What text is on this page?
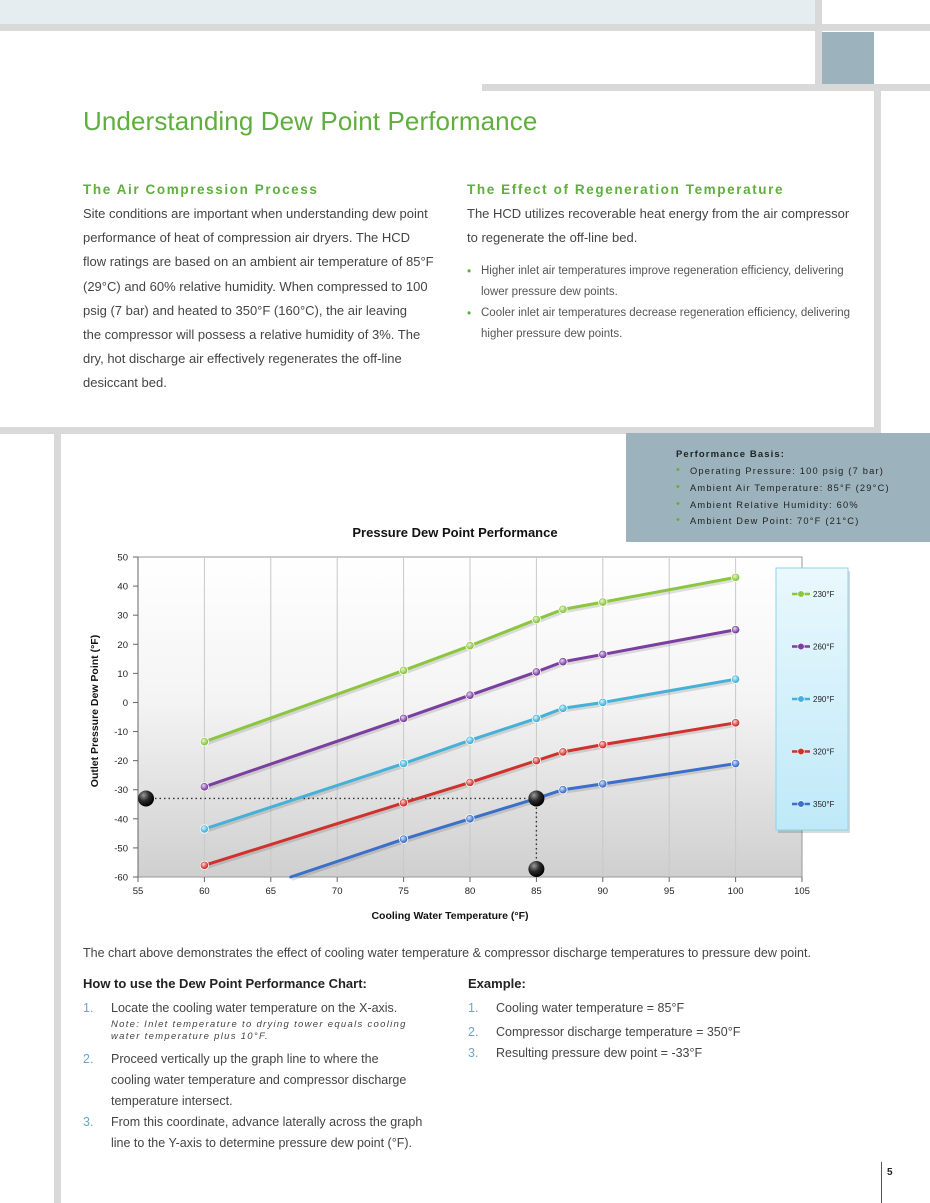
Understanding Dew Point Performance
The Air Compression Process
Site conditions are important when understanding dew point
performance of heat of compression air dryers. The HCD
flow ratings are based on an ambient air temperature of 85°F
(29°C) and 60% relative humidity. When compressed to 100
psig (7 bar) and heated to 350°F (160°C), the air leaving
the compressor will possess a relative humidity of 3%. The
dry, hot discharge air effectively regenerates the off-line
desiccant bed.
The Effect of Regeneration Temperature
The HCD utilizes recoverable heat energy from the air compressor
to regenerate the off-line bed.
• Higher inlet air temperatures improve regeneration efficiency, delivering
lower pressure dew points.
• Cooler inlet air temperatures decrease regeneration efficiency, delivering
higher pressure dew points.
Performance Basis:
• Operating Pressure: 100 psig (7 bar)
• Ambient Air Temperature: 85°F (29°C)
• Ambient Relative Humidity: 60%
• Ambient Dew Point: 70°F (21°C)
Pressure Dew Point Performance
50
40
30
20
10
0
-10
-20
-30
-40
-50
-60
55	60	65	70	75	80	85	90	95	100	105
Cooling Water Temperature (°F)
Outlet Pressure Dew Point (°F)
230°F
260°F
290°F
320°F
350°F
The chart above demonstrates the effect of cooling water temperature & compressor discharge temperatures to pressure dew point.
How to use the Dew Point Performance Chart:
1. Locate the cooling water temperature on the X-axis.
Note: Inlet temperature to drying tower equals cooling
water temperature plus 10°F.
2. Proceed vertically up the graph line to where the
cooling water temperature and compressor discharge
temperature intersect.
3. From this coordinate, advance laterally across the graph
line to the Y-axis to determine pressure dew point (°F).
Example:
1. Cooling water temperature = 85°F
2. Compressor discharge temperature = 350°F
3. Resulting pressure dew point = -33°F
5
